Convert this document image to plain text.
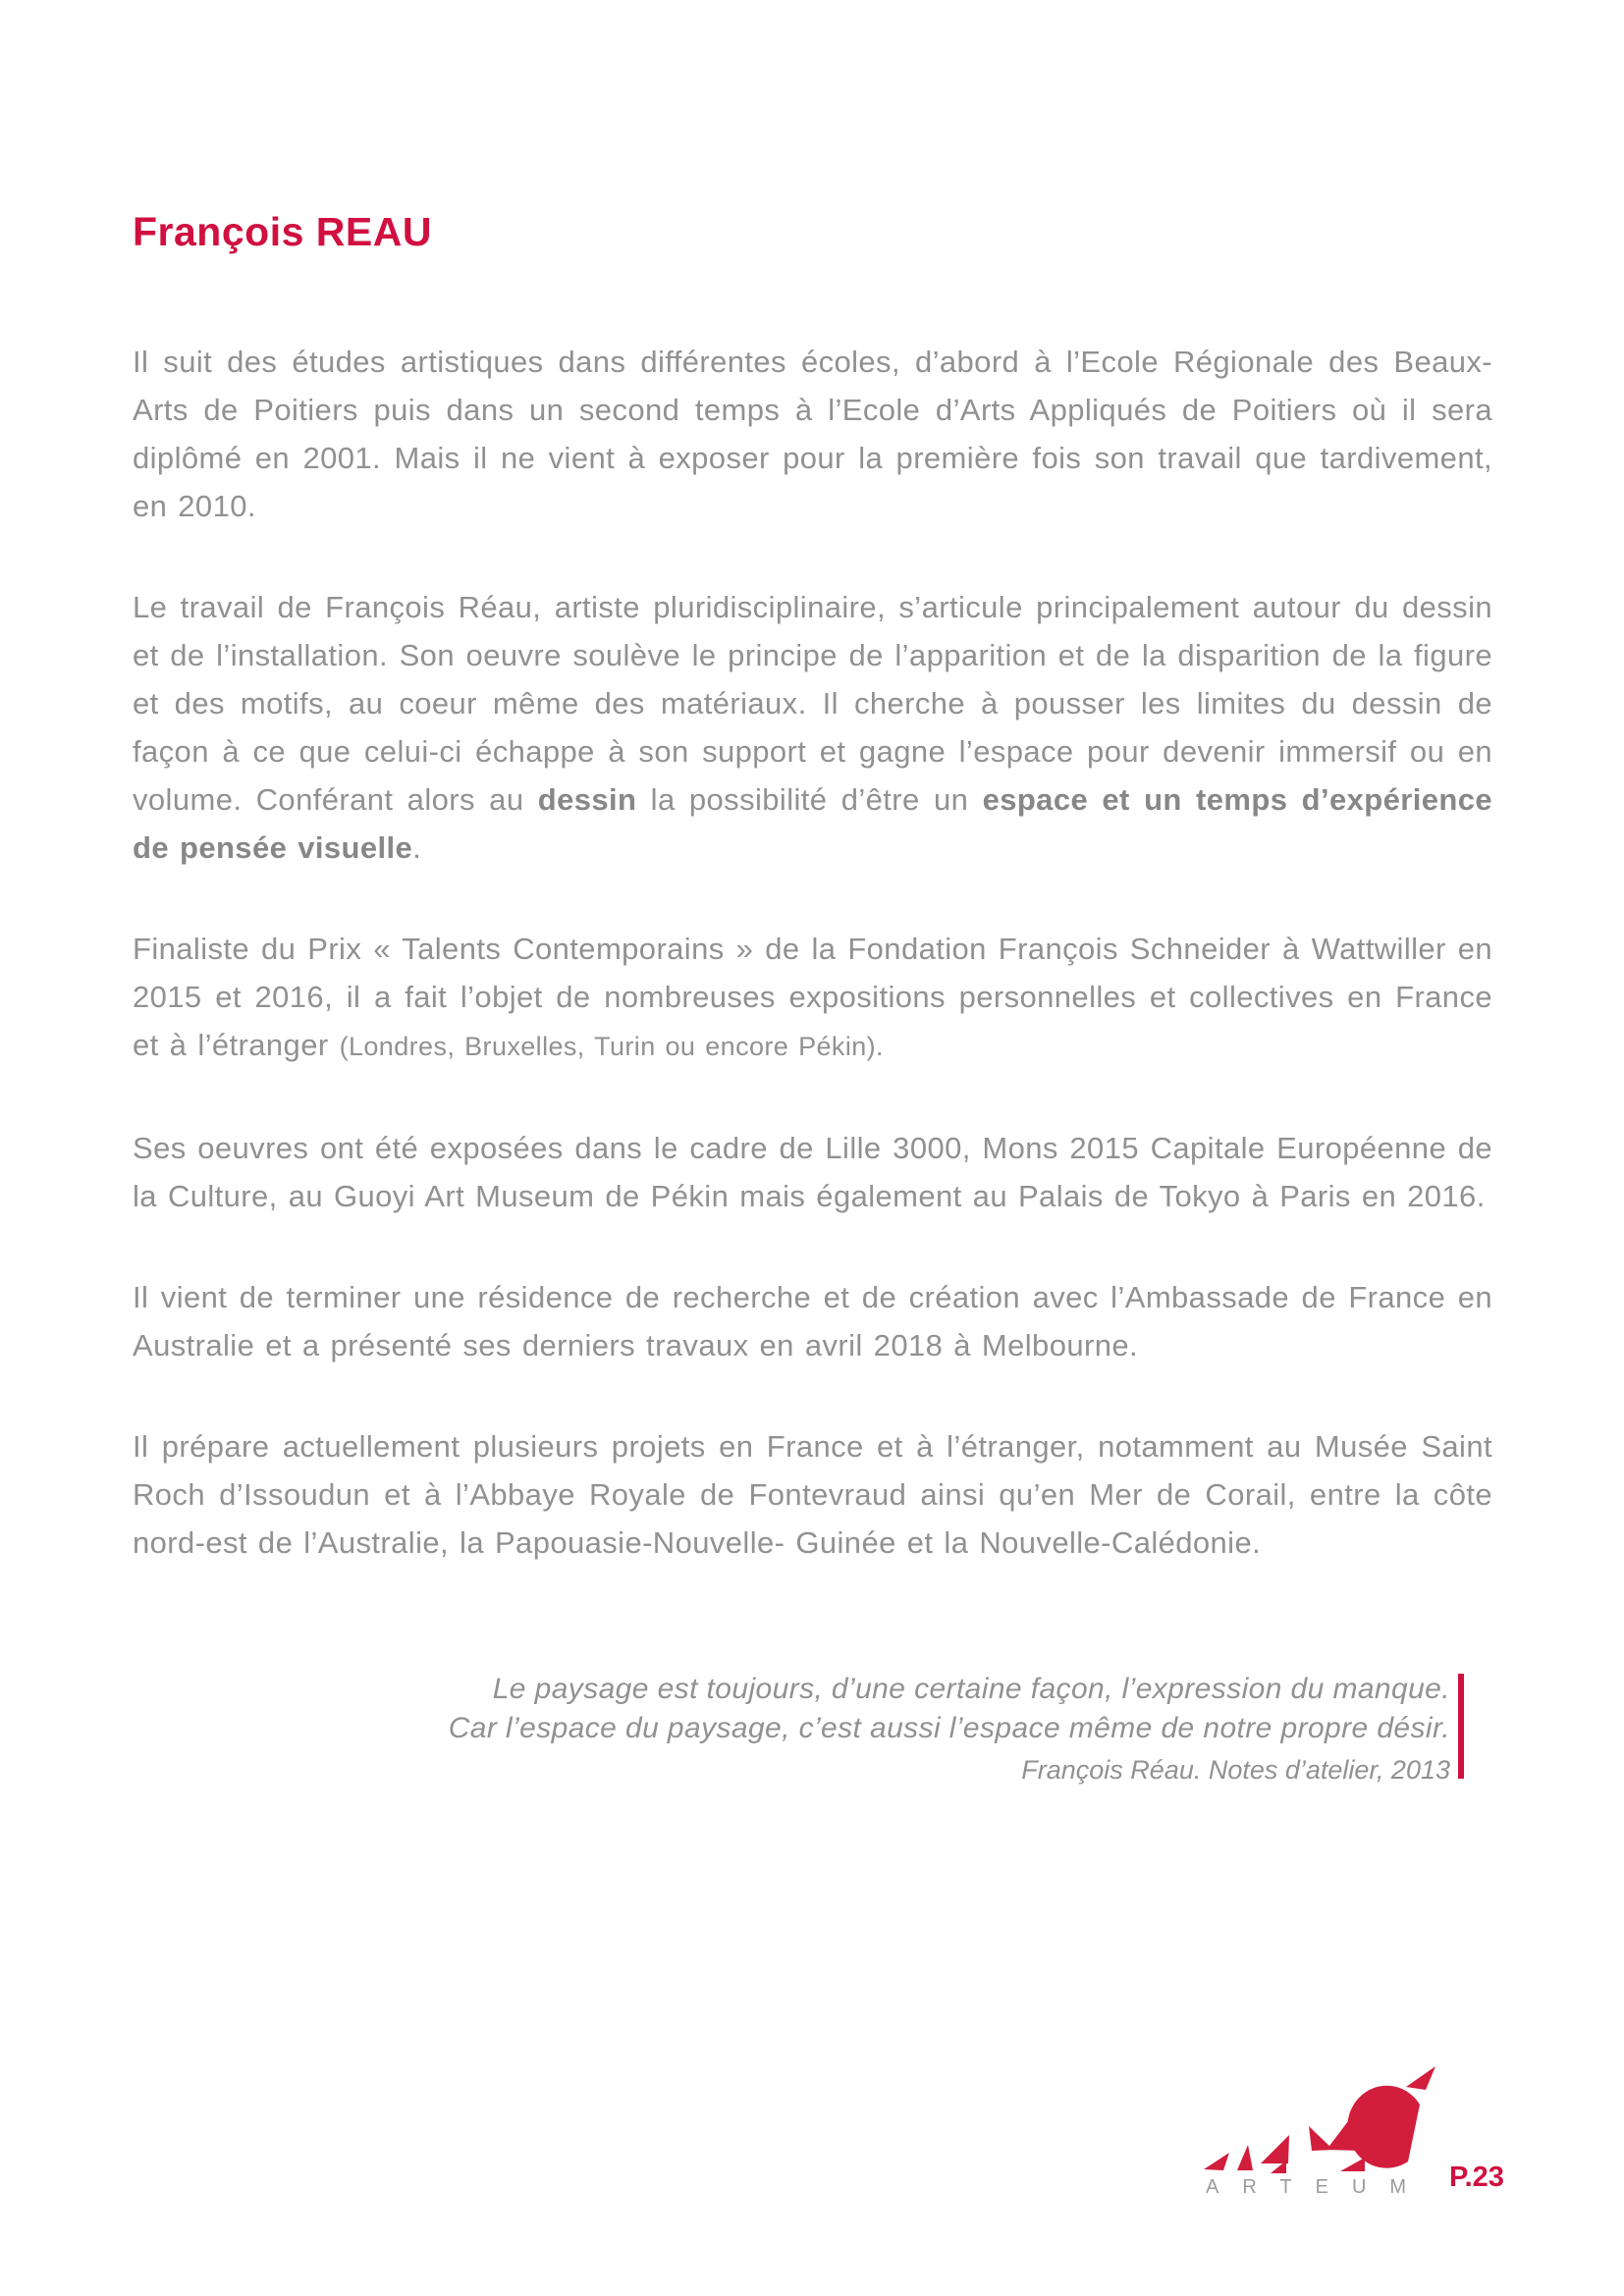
François REAU

Il suit des études artistiques dans différentes écoles, d’abord à l’Ecole Régionale des Beaux-Arts de Poitiers puis dans un second temps à l’Ecole d’Arts Appliqués de Poitiers où il sera diplômé en 2001. Mais il ne vient à exposer pour la première fois son travail que tardivement, en 2010.

Le travail de François Réau, artiste pluridisciplinaire, s’articule principalement autour du dessin et de l’installation. Son oeuvre soulève le principe de l’apparition et de la disparition de la figure et des motifs, au coeur même des matériaux. Il cherche à pousser les limites du dessin de façon à ce que celui-ci échappe à son support et gagne l’espace pour devenir immersif ou en volume. Conférant alors au dessin la possibilité d’être un espace et un temps d’expérience de pensée visuelle.

Finaliste du Prix « Talents Contemporains » de la Fondation François Schneider à Wattwiller en 2015 et 2016, il a fait l’objet de nombreuses expositions personnelles et collectives en France et à l’étranger (Londres, Bruxelles, Turin ou encore Pékin).

Ses oeuvres ont été exposées dans le cadre de Lille 3000, Mons 2015 Capitale Européenne de la Culture, au Guoyi Art Museum de Pékin mais également au Palais de Tokyo à Paris en 2016.

Il vient de terminer une résidence de recherche et de création avec l’Ambassade de France en Australie et a présenté ses derniers travaux en avril 2018 à Melbourne.

Il prépare actuellement plusieurs projets en France et à l’étranger, notamment au Musée Saint Roch d’Issoudun et à l’Abbaye Royale de Fontevraud ainsi qu’en Mer de Corail, entre la côte nord-est de l’Australie, la Papouasie-Nouvelle- Guinée et la Nouvelle-Calédonie.

Le paysage est toujours, d’une certaine façon, l’expression du manque.

Car l’espace du paysage, c’est aussi l’espace même de notre propre désir.

François Réau. Notes d’atelier, 2013
ARTEUM P.23
